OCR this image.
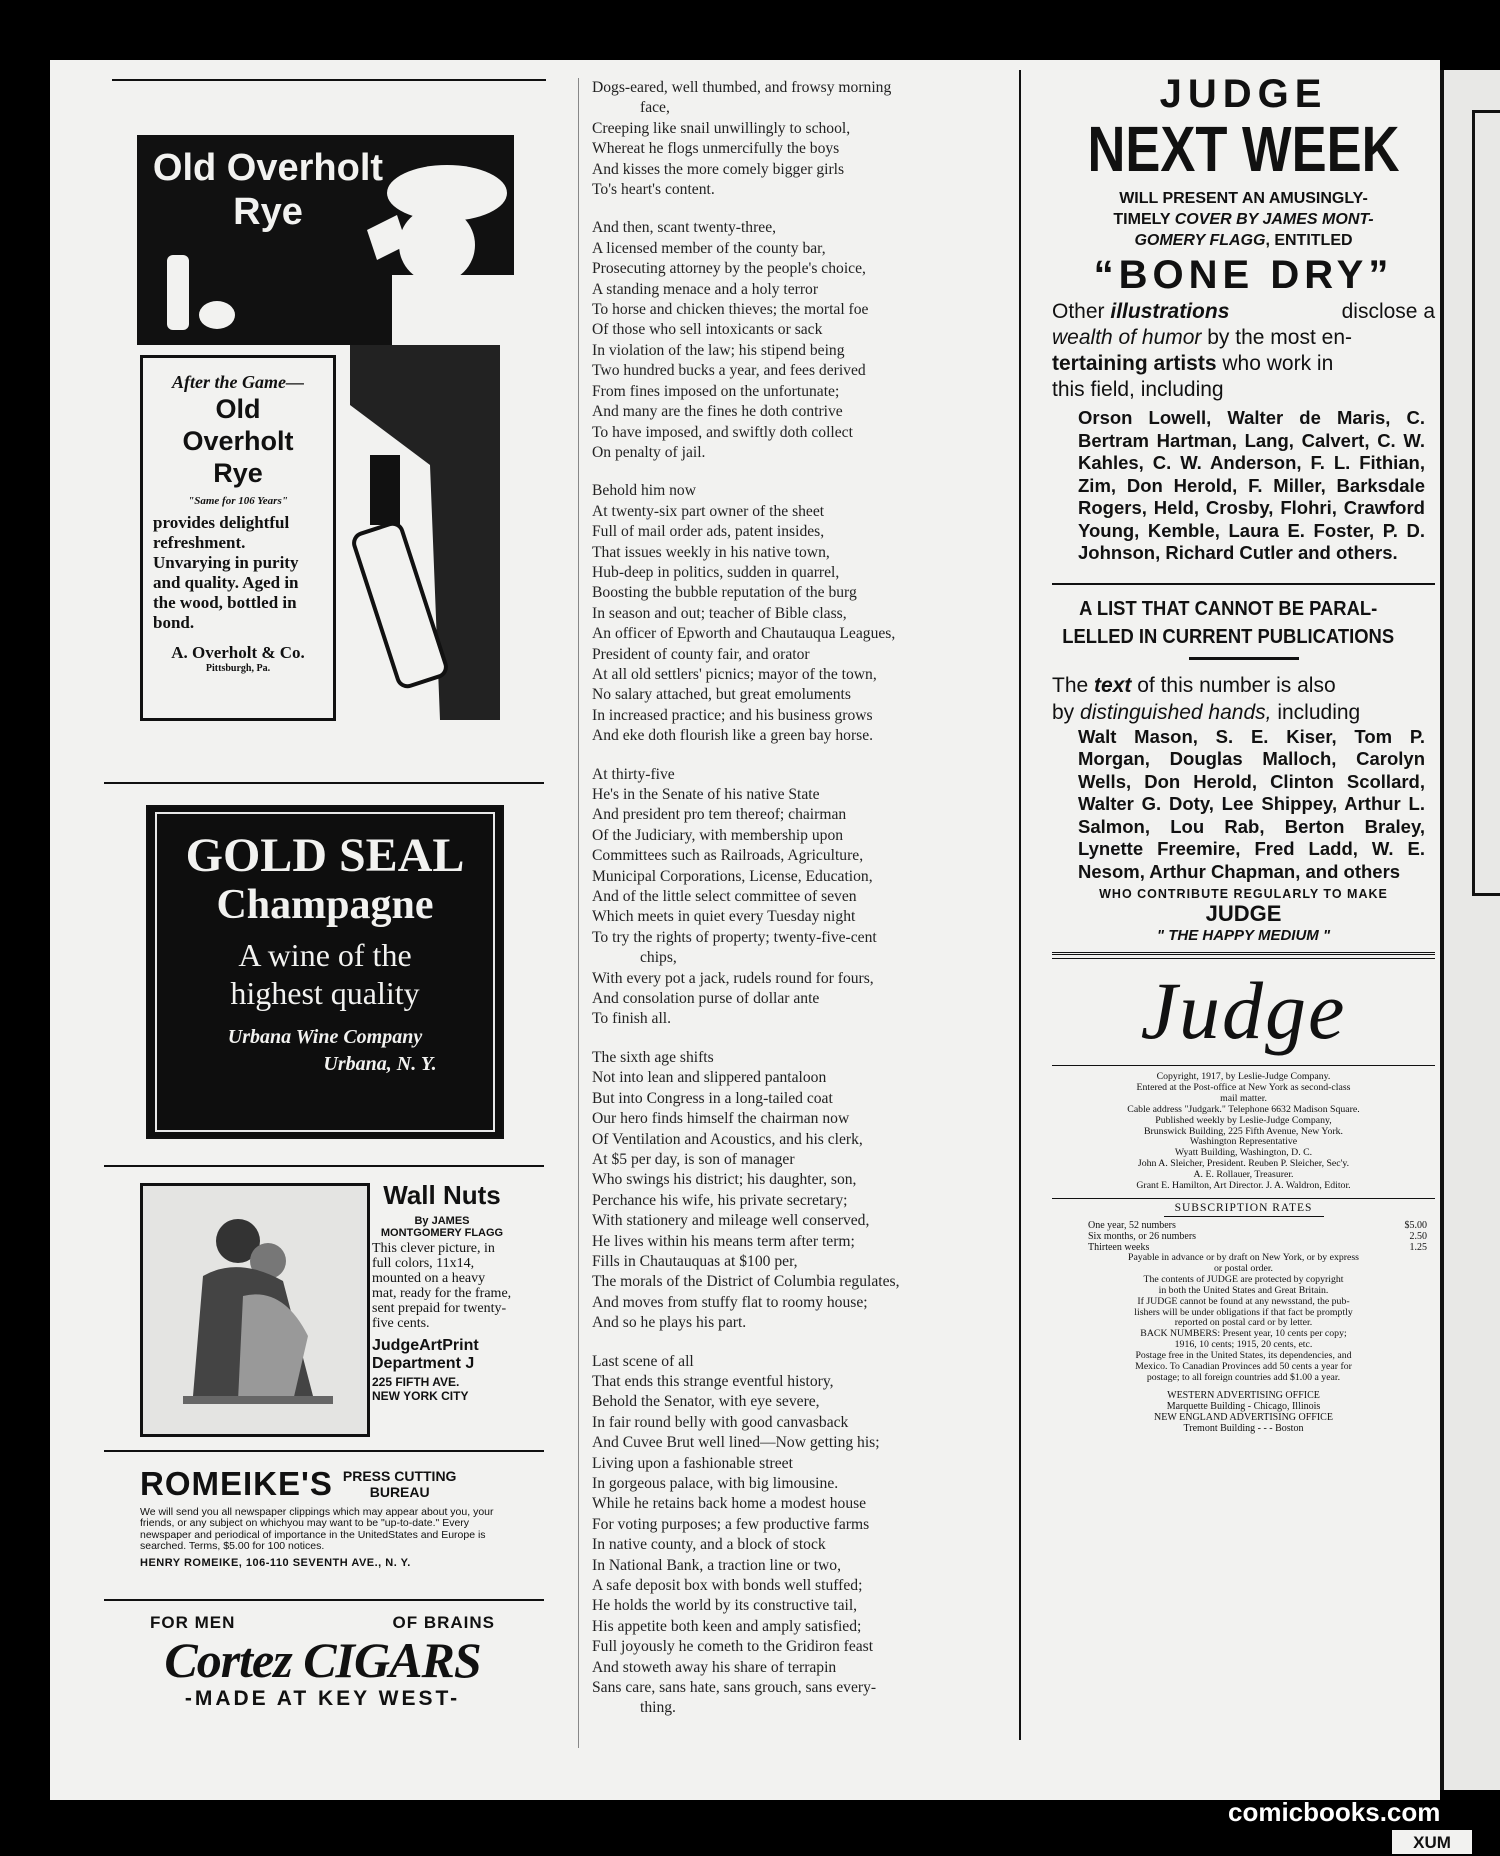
Old Overholt
Rye
After the Game—
Old
Overholt
Rye
"Same for 106 Years"
provides delightful refreshment. Unvarying in purity and quality. Aged in the wood, bottled in bond.
A. Overholt & Co.
Pittsburgh, Pa.
GOLD SEAL
Champagne
A wine of the
highest quality
Urbana Wine Company
Urbana, N. Y.
Wall Nuts
By JAMES
MONTGOMERY FLAGG
This clever picture, in full colors, 11x14, mounted on a heavy mat, ready for the frame, sent prepaid for twenty-five cents.
JudgeArtPrint
Department J
225 FIFTH AVE.
NEW YORK CITY
ROMEIKE'S PRESS CUTTING
BUREAU
We will send you all newspaper clippings which may appear about you, your friends, or any subject on whichyou may want to be "up-to-date." Every newspaper and periodical of importance in the UnitedStates and Europe is searched. Terms, $5.00 for 100 notices.
HENRY ROMEIKE, 106-110 SEVENTH AVE., N. Y.
FOR MEN	OF BRAINS
Cortez CIGARS
-MADE AT KEY WEST-

Dogs-eared, well thumbed, and frowsy morning
face,
Creeping like snail unwillingly to school,
Whereat he flogs unmercifully the boys
And kisses the more comely bigger girls
To's heart's content.

And then, scant twenty-three,
A licensed member of the county bar,
Prosecuting attorney by the people's choice,
A standing menace and a holy terror
To horse and chicken thieves; the mortal foe
Of those who sell intoxicants or sack
In violation of the law; his stipend being
Two hundred bucks a year, and fees derived
From fines imposed on the unfortunate;
And many are the fines he doth contrive
To have imposed, and swiftly doth collect
On penalty of jail.

Behold him now
At twenty-six part owner of the sheet
Full of mail order ads, patent insides,
That issues weekly in his native town,
Hub-deep in politics, sudden in quarrel,
Boosting the bubble reputation of the burg
In season and out; teacher of Bible class,
An officer of Epworth and Chautauqua Leagues,
President of county fair, and orator
At all old settlers' picnics; mayor of the town,
No salary attached, but great emoluments
In increased practice; and his business grows
And eke doth flourish like a green bay horse.

At thirty-five
He's in the Senate of his native State
And president pro tem thereof; chairman
Of the Judiciary, with membership upon
Committees such as Railroads, Agriculture,
Municipal Corporations, License, Education,
And of the little select committee of seven
Which meets in quiet every Tuesday night
To try the rights of property; twenty-five-cent
chips,
With every pot a jack, rudels round for fours,
And consolation purse of dollar ante
To finish all.

The sixth age shifts
Not into lean and slippered pantaloon
But into Congress in a long-tailed coat
Our hero finds himself the chairman now
Of Ventilation and Acoustics, and his clerk,
At $5 per day, is son of manager
Who swings his district; his daughter, son,
Perchance his wife, his private secretary;
With stationery and mileage well conserved,
He lives within his means term after term;
Fills in Chautauquas at $100 per,
The morals of the District of Columbia regulates,
And moves from stuffy flat to roomy house;
And so he plays his part.

Last scene of all
That ends this strange eventful history,
Behold the Senator, with eye severe,
In fair round belly with good canvasback
And Cuvee Brut well lined—Now getting his;
Living upon a fashionable street
In gorgeous palace, with big limousine.
While he retains back home a modest house
For voting purposes; a few productive farms
In native county, and a block of stock
In National Bank, a traction line or two,
A safe deposit box with bonds well stuffed;
He holds the world by its constructive tail,
His appetite both keen and amply satisfied;
Full joyously he cometh to the Gridiron feast
And stoweth away his share of terrapin
Sans care, sans hate, sans grouch, sans every-
thing.

JUDGE
NEXT WEEK
WILL PRESENT AN AMUSINGLY-
TIMELY COVER BY JAMES MONT-
GOMERY FLAGG, ENTITLED
“BONE DRY”
Other illustrations	disclose a
wealth of humor by the most en-
tertaining artists who work in
this field, including
Orson Lowell, Walter de Maris, C. Bertram Hartman, Lang, Calvert, C. W. Kahles, C. W. Anderson, F. L. Fithian, Zim, Don Herold, F. Miller, Barksdale Rogers, Held, Crosby, Flohri, Crawford Young, Kemble, Laura E. Foster, P. D. Johnson, Richard Cutler and others.
A LIST THAT CANNOT BE PARAL-
LELLED IN CURRENT PUBLICATIONS
The text of this number is also
by distinguished hands, including
Walt Mason, S. E. Kiser, Tom P. Morgan, Douglas Malloch, Carolyn Wells, Don Herold, Clinton Scollard, Walter G. Doty, Lee Shippey, Arthur L. Salmon, Lou Rab, Berton Braley, Lynette Freemire, Fred Ladd, W. E. Nesom, Arthur Chapman, and others
WHO CONTRIBUTE REGULARLY TO MAKE
JUDGE
" THE HAPPY MEDIUM "
Judge
Copyright, 1917, by Leslie-Judge Company.
Entered at the Post-office at New York as second-class
mail matter.
Cable address "Judgark." Telephone 6632 Madison Square.
Published weekly by Leslie-Judge Company,
Brunswick Building, 225 Fifth Avenue, New York.
Washington Representative
Wyatt Building, Washington, D. C.
John A. Sleicher, President. Reuben P. Sleicher, Sec'y.
A. E. Rollauer, Treasurer.
Grant E. Hamilton, Art Director. J. A. Waldron, Editor.
SUBSCRIPTION RATES
One year, 52 numbers	$5.00
Six months, or 26 numbers	2.50
Thirteen weeks	1.25
Payable in advance or by draft on New York, or by express
or postal order.
The contents of JUDGE are protected by copyright
in both the United States and Great Britain.
If JUDGE cannot be found at any newsstand, the pub-
lishers will be under obligations if that fact be promptly
reported on postal card or by letter.
BACK NUMBERS: Present year, 10 cents per copy;
1916, 10 cents; 1915, 20 cents, etc.
Postage free in the United States, its dependencies, and
Mexico. To Canadian Provinces add 50 cents a year for
postage; to all foreign countries add $1.00 a year.
WESTERN ADVERTISING OFFICE
Marquette Building - Chicago, Illinois
NEW ENGLAND ADVERTISING OFFICE
Tremont Building - - - Boston
comicbooks.com
XUM
